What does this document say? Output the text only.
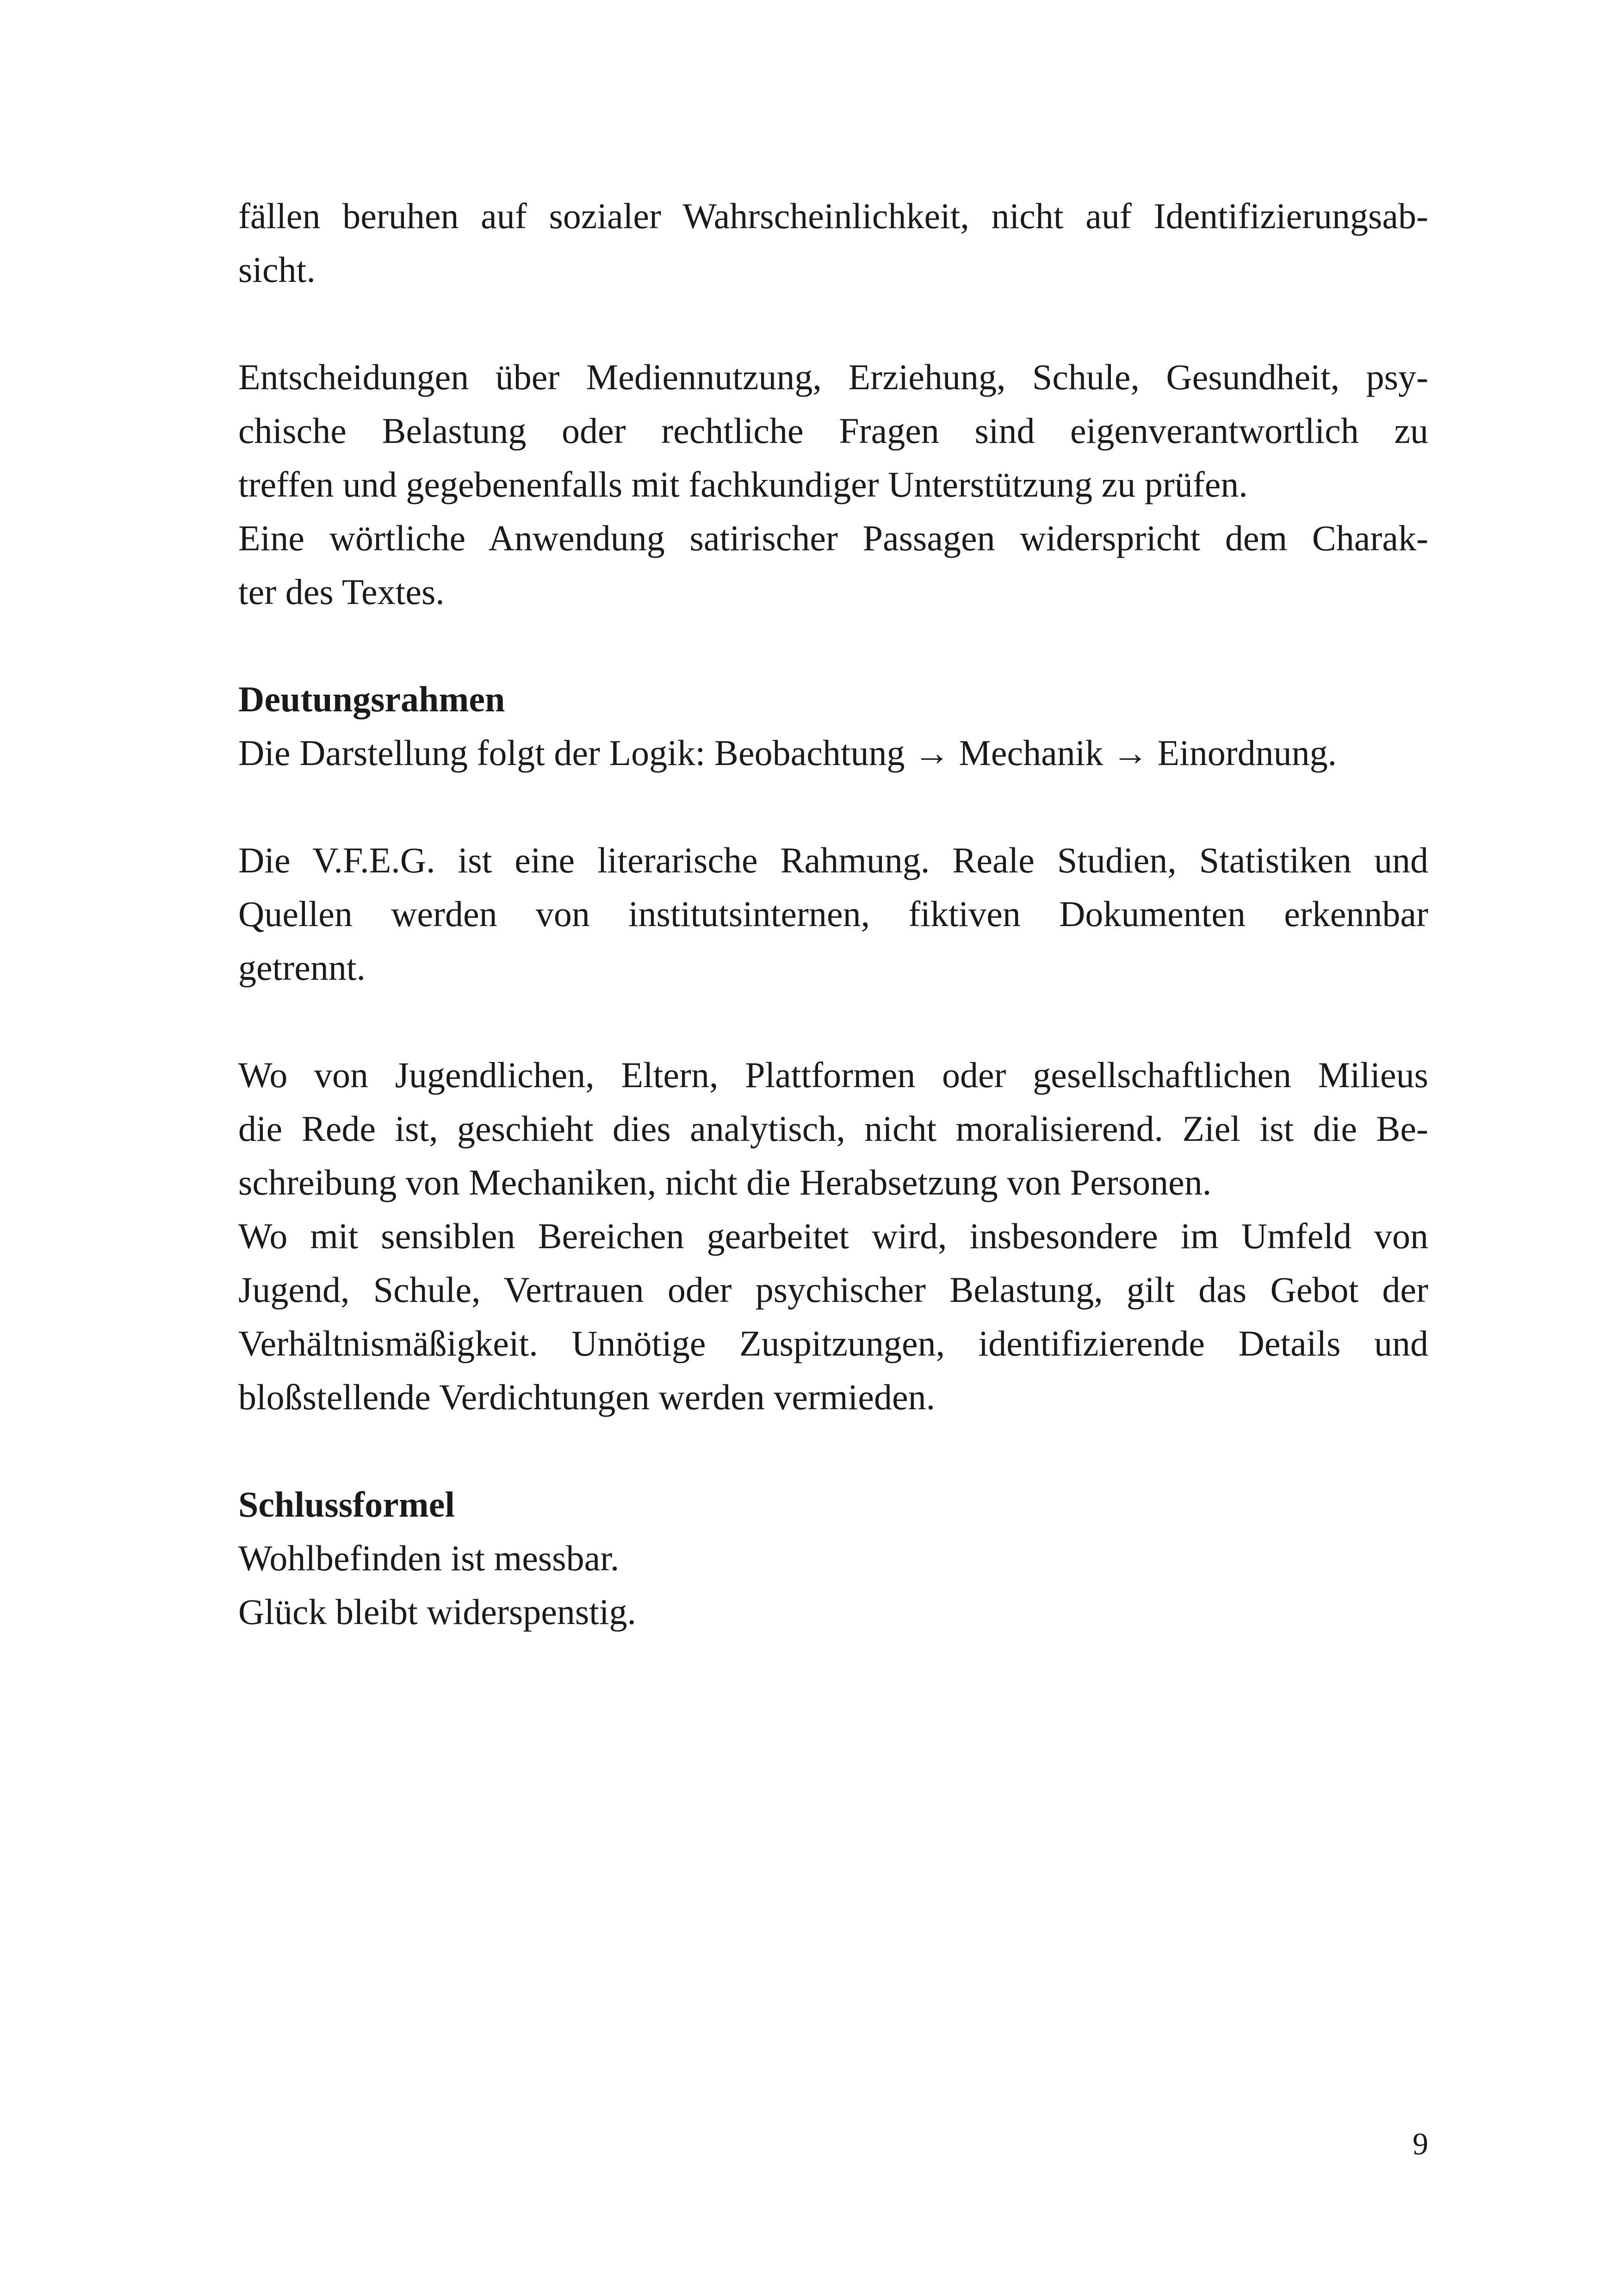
fällen beruhen auf sozialer Wahrscheinlichkeit, nicht auf Identifizierungsab-
sicht.
Entscheidungen über Mediennutzung, Erziehung, Schule, Gesundheit, psy-
chische Belastung oder rechtliche Fragen sind eigenverantwortlich zu
treffen und gegebenenfalls mit fachkundiger Unterstützung zu prüfen.
Eine wörtliche Anwendung satirischer Passagen widerspricht dem Charak-
ter des Textes.
Deutungsrahmen
Die Darstellung folgt der Logik: Beobachtung → Mechanik → Einordnung.
Die V.F.E.G. ist eine literarische Rahmung. Reale Studien, Statistiken und
Quellen werden von institutsinternen, fiktiven Dokumenten erkennbar
getrennt.
Wo von Jugendlichen, Eltern, Plattformen oder gesellschaftlichen Milieus
die Rede ist, geschieht dies analytisch, nicht moralisierend. Ziel ist die Be-
schreibung von Mechaniken, nicht die Herabsetzung von Personen.
Wo mit sensiblen Bereichen gearbeitet wird, insbesondere im Umfeld von
Jugend, Schule, Vertrauen oder psychischer Belastung, gilt das Gebot der
Verhältnismäßigkeit. Unnötige Zuspitzungen, identifizierende Details und
bloßstellende Verdichtungen werden vermieden.
Schlussformel
Wohlbefinden ist messbar.
Glück bleibt widerspenstig.
9
